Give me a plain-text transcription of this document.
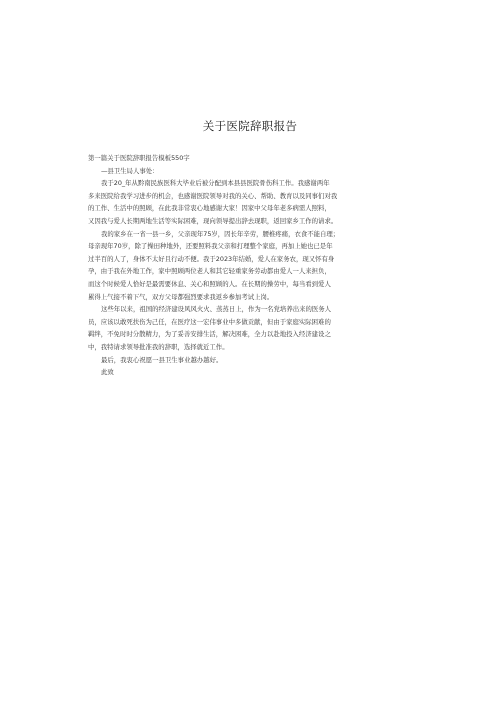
关于医院辞职报告
第一篇关于医院辞职报告模板550字
—县卫生局人事处：
我于20_年从黔南民族医科大毕业后被分配到本县县医院骨伤科工作。我感谢两年
多来医院给我学习进步的机会，也感谢医院领导对我的关心、帮助、教育以及同事们对我
的工作、生活中的照顾，在此我非常衷心地感谢大家！因家中父母年老多病需人照料，
又因我与爱人长期两地生活等实际困难，现向领导提出辞去现职，返回家乡工作的请求。
我的家乡在一省一县一乡，父亲现年75岁，因长年辛劳，腰椎疼痛，衣食不能自理；
母亲现年70岁，除了操田种地外，还要照料我父亲和打理整个家庭，再加上她也已是年
过半百的人了，身体不太好且行动不便。我于2023年结婚，爱人在家务农，现又怀有身
孕，由于我在外地工作，家中照顾两位老人和其它轻重家务劳动都由爱人一人来担负，
而这个时候爱人恰好是最需要休息、关心和照顾的人。在长期的操劳中，每当看到爱人
累得上气接不着下气，双方父母都强烈要求我返乡参加考试上岗。
这些年以来，祖国的经济建设风风火火、蒸蒸日上，作为一名党培养出来的医务人
员，应该以敢死扶伤为己任，在医疗这一宏伟事业中多做贡献，但由于家庭实际困难的
羁绊，不免时时分散精力，为了妥善安排生活，解决困难，全力以赴地投入经济建设之
中，我特请求领导批准我的辞职，选择就近工作。
最后，我衷心祝愿一县卫生事业越办越好。
此致
